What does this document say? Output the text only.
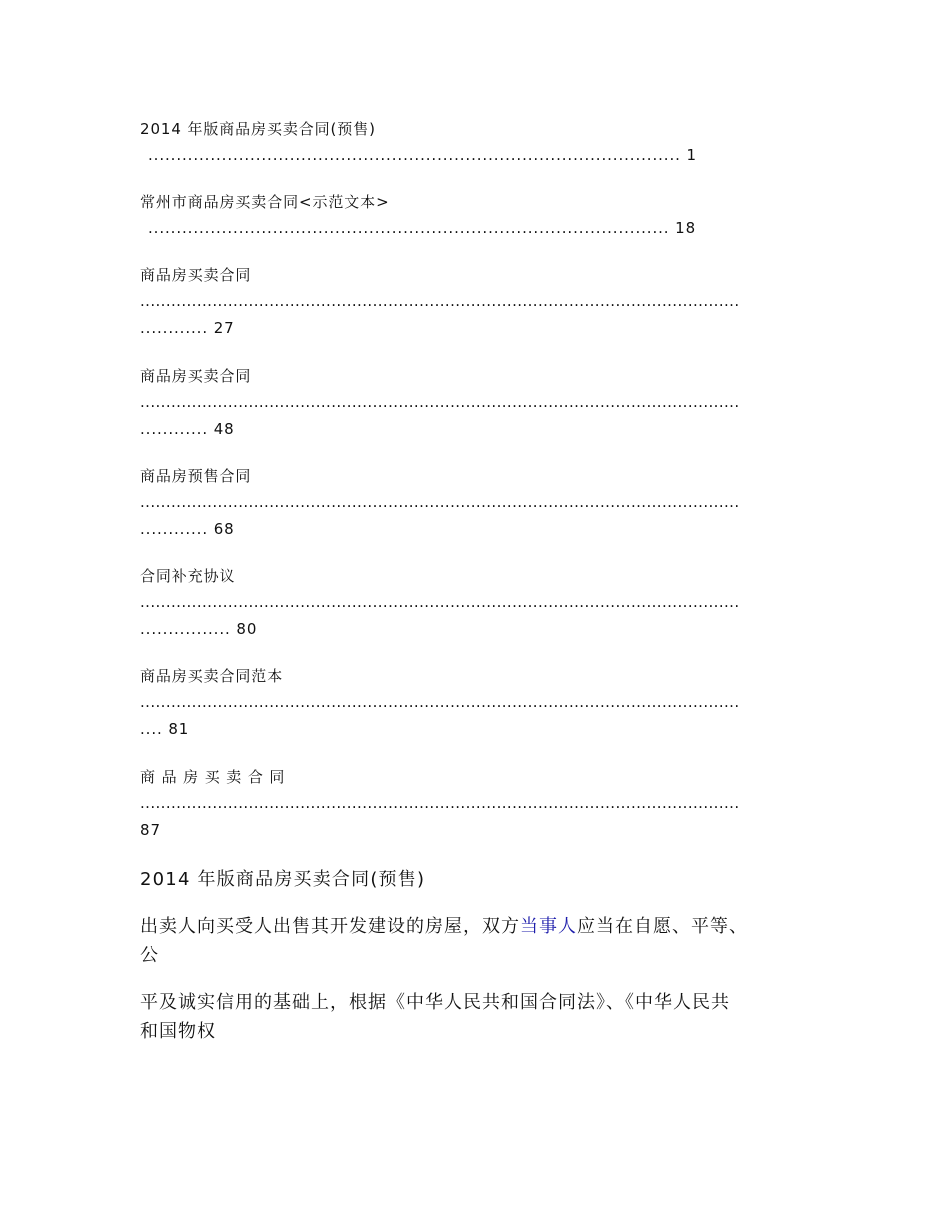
2014 年版商品房买卖合同(预售)
.............................................................................................. 1
常州市商品房买卖合同<示范文本>
............................................................................................ 18
商品房买卖合同
....................................................................................................................
............ 27
商品房买卖合同
....................................................................................................................
............ 48
商品房预售合同
....................................................................................................................
............ 68
合同补充协议
....................................................................................................................
................ 80
商品房买卖合同范本
....................................................................................................................
.... 81
商 品 房 买 卖 合 同
....................................................................................................................
87
2014 年版商品房买卖合同(预售)
出卖人向买受人出售其开发建设的房屋，双方当事人应当在自愿、平等、
公
平及诚实信用的基础上，根据《中华人民共和国合同法》、《中华人民共
和国物权
